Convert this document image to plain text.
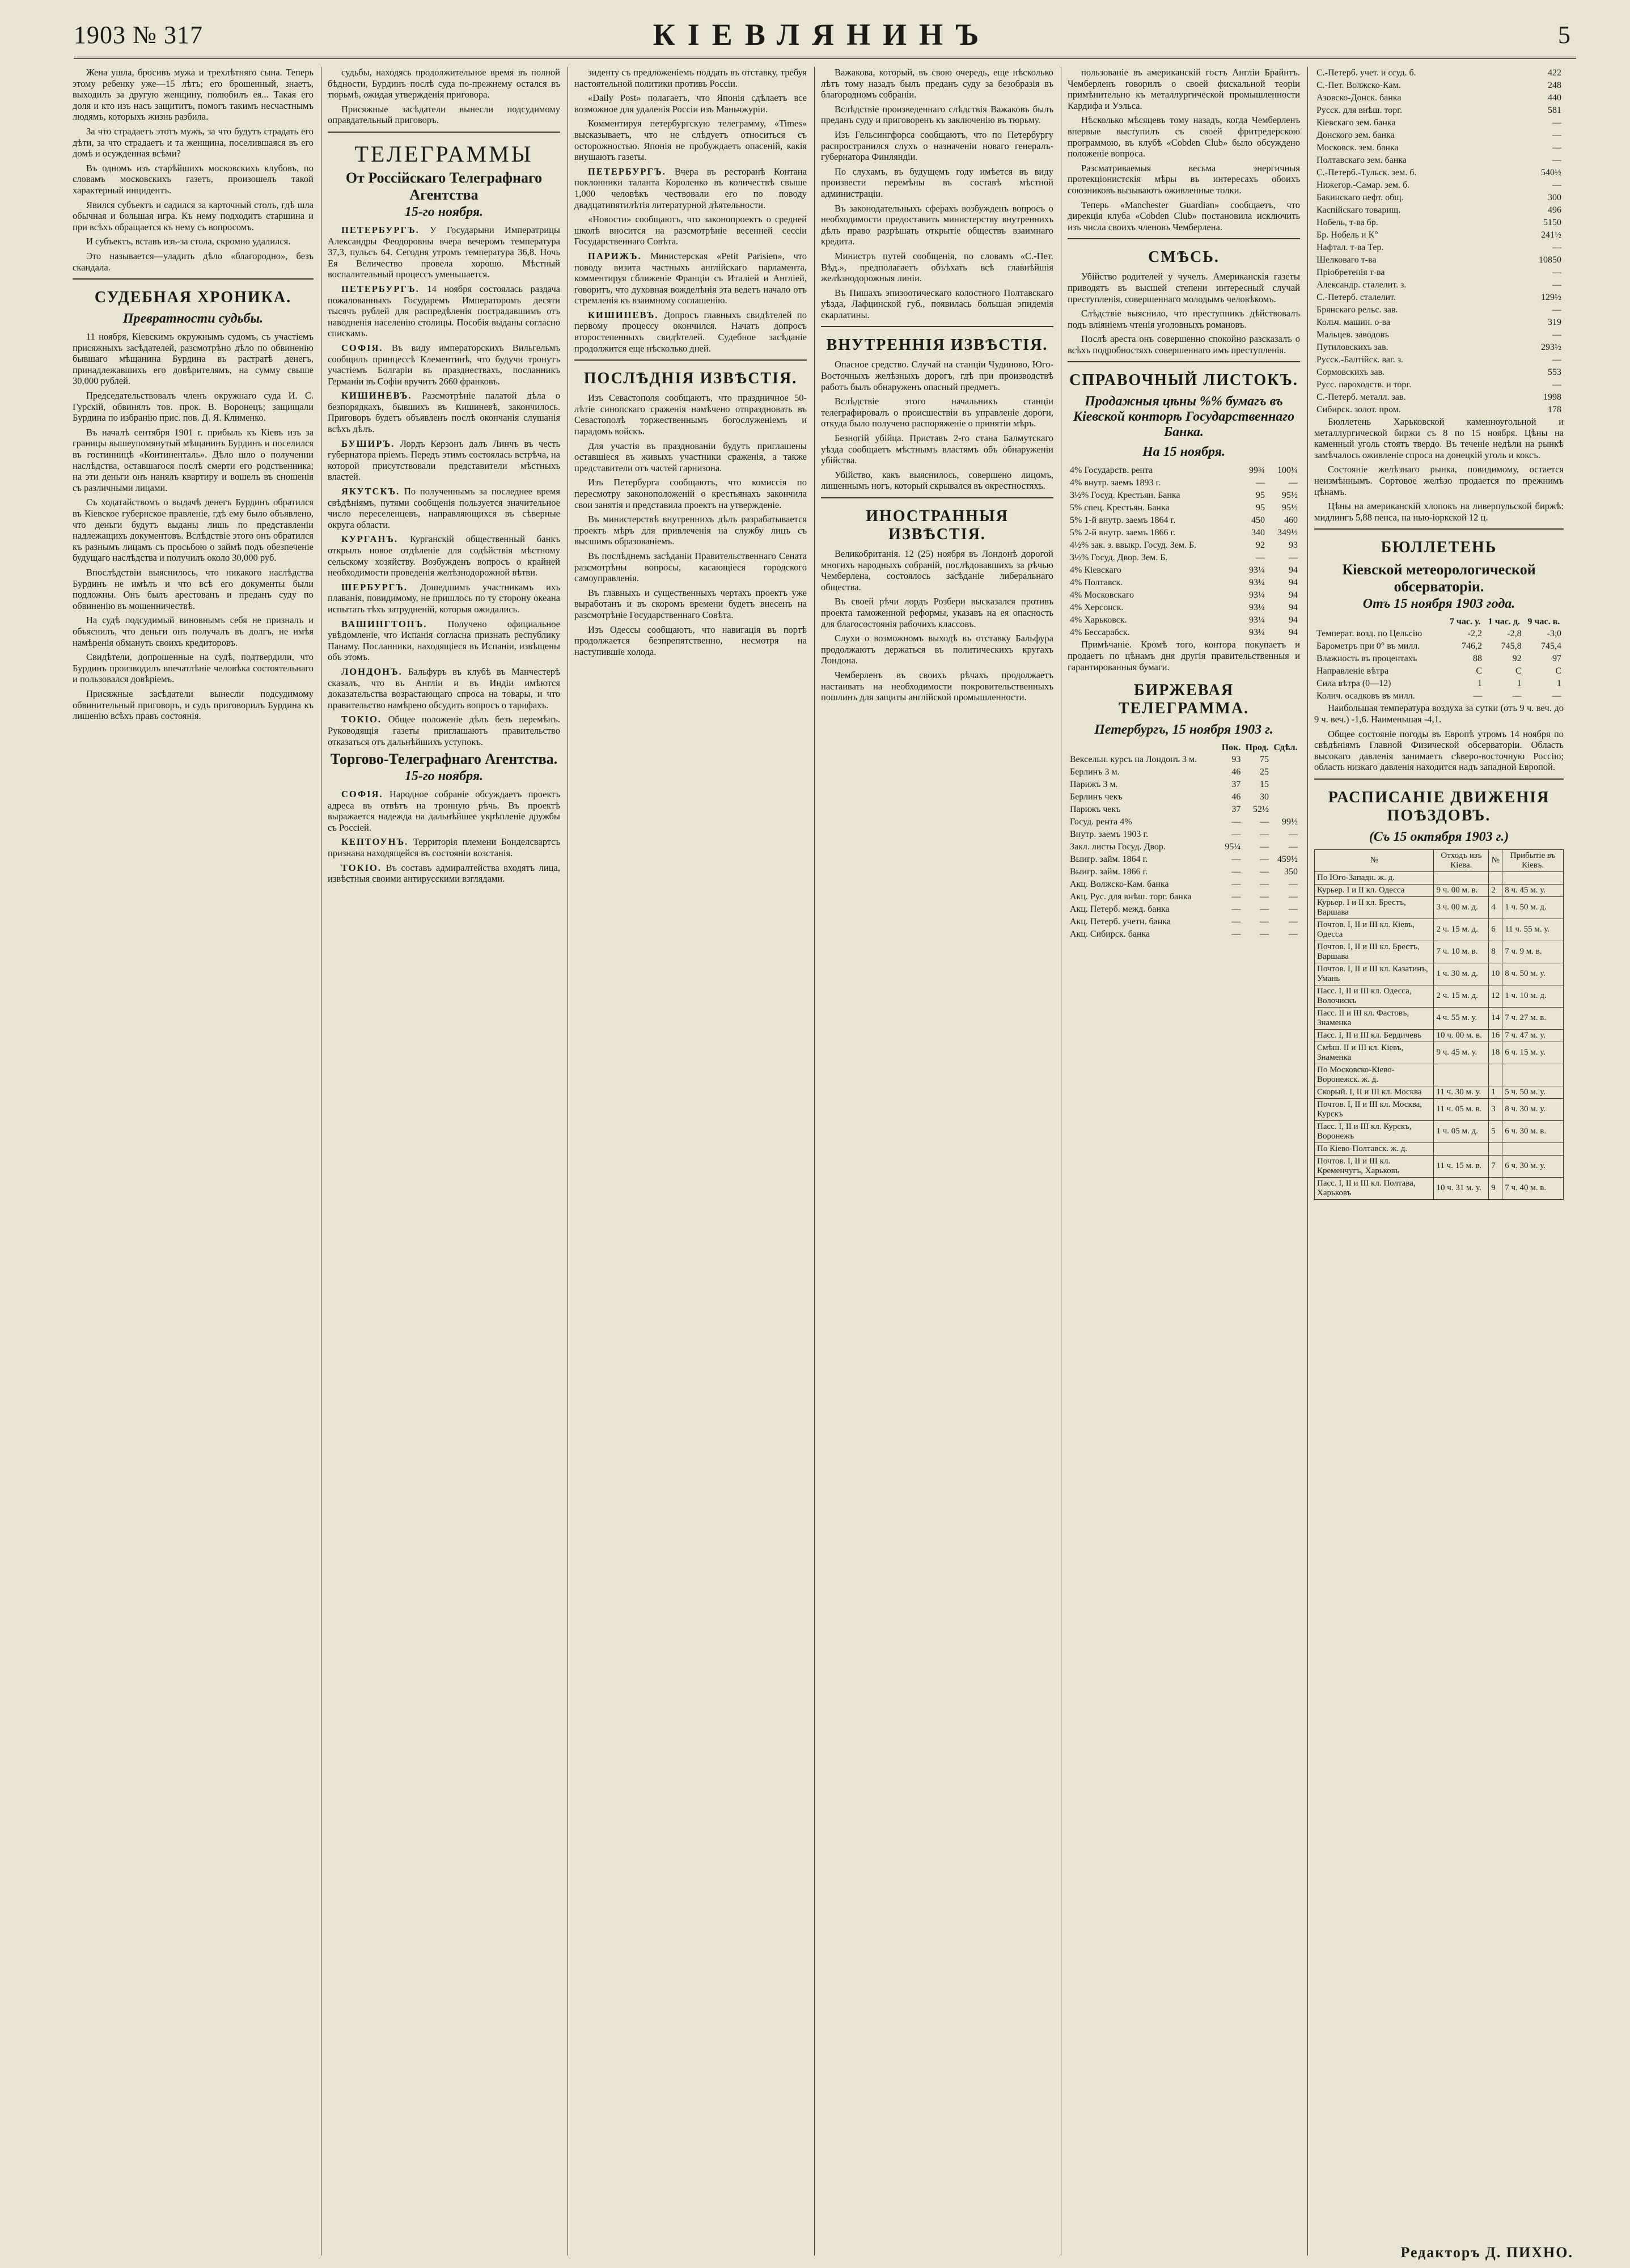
1903 № 317	КІЕВЛЯНИНЪ	5

Жена ушла, бросивъ мужа и трехлѣтняго сына. Теперь этому ребенку уже—15 лѣтъ; его брошенный, знаетъ, выходилъ за другую женщину, полюбилъ ея... Такая его доля и кто изъ насъ защититъ, помогъ такимъ несчастнымъ людямъ, которыхъ жизнь разбила.

За что страдаетъ этотъ мужъ, за что будутъ страдать его дѣти, за что страдаетъ и та женщина, поселившаяся въ его домѣ и осужденная всѣми?

Въ одномъ изъ старѣйшихъ московскихъ клубовъ, по словамъ московскихъ газетъ, произошелъ такой характерный инцидентъ.

Явился субъектъ и садился за карточный столъ, гдѣ шла обычная и большая игра. Къ нему подходитъ старшина и при всѣхъ обращается къ нему съ вопросомъ.

И субъектъ, вставъ изъ-за стола, скромно удалился.

Это называется—уладить дѣло «благородно», безъ скандала.

СУДЕБНАЯ ХРОНИКА.
Превратности судьбы.

11 ноября, Кіевскимъ окружнымъ судомъ, съ участіемъ присяжныхъ засѣдателей, разсмотрѣно дѣло по обвиненію бывшаго мѣщанина Бурдина въ растратѣ денегъ, принадлежавшихъ его довѣрителямъ, на сумму свыше 30,000 рублей.

Председательствовалъ членъ окружнаго суда И. С. Гурскій, обвинялъ тов. прок. В. Воронецъ; защищали Бурдина по избранію прис. пов. Д. Я. Клименко.

Въ началѣ сентября 1901 г. прибыль къ Кіевъ изъ за границы вышеупомянутый мѣщанинъ Бурдинъ и поселился въ гостинницѣ «Континенталь». Дѣло шло о получении наслѣдства, оставшагося послѣ смерти его родственника; на эти деньги онъ нанялъ квартиру и вошелъ въ сношенія съ различными лицами.

Съ ходатайствомъ о выдачѣ денегъ Бурдинъ обратился въ Кіевское губернское правленіе, гдѣ ему было объявлено, что деньги будутъ выданы лишь по представленіи надлежащихъ документовъ. Вслѣдствіе этого онъ обратился къ разнымъ лицамъ съ просьбою о займѣ подъ обезпеченіе будущаго наслѣдства и получилъ около 30,000 руб.

Впослѣдствіи выяснилось, что никакого наслѣдства Бурдинъ не имѣлъ и что всѣ его документы были подложны. Онъ былъ арестованъ и преданъ суду по обвиненію въ мошенничествѣ.

На судѣ подсудимый виновнымъ себя не призналъ и объяснилъ, что деньги онъ получалъ въ долгъ, не имѣя намѣренія обмануть своихъ кредиторовъ.

Свидѣтели, допрошенные на судѣ, подтвердили, что Бурдинъ производилъ впечатлѣніе человѣка состоятельнаго и пользовался довѣріемъ.

Присяжные засѣдатели вынесли подсудимому обвинительный приговоръ, и судъ приговорилъ Бурдина къ лишенію всѣхъ правъ состоянія.

судьбы, находясь продолжительное время въ полной бѣдности, Бурдинъ послѣ суда по-прежнему остался въ тюрьмѣ, ожидая утвержденія приговора.

Присяжные засѣдатели вынесли подсудимому оправдательный приговоръ.

ТЕЛЕГРАММЫ
От Россійскаго Телеграфнаго Агентства
15-го ноября.

ПЕТЕРБУРГЪ. У Государыни Императрицы Александры Феодоровны вчера вечеромъ температура 37,3, пульсъ 64. Сегодня утромъ температура 36,8. Ночь Ея Величество провела хорошо. Мѣстный воспалительный процессъ уменьшается.

ПЕТЕРБУРГЪ. 14 ноября состоялась раздача пожалованныхъ Государемъ Императоромъ десяти тысячъ рублей для распредѣленія пострадавшимъ отъ наводненія населенію столицы. Пособія выданы согласно спискамъ.

СОФІЯ. Въ виду императорскихъ Вильгельмъ сообщилъ принцессѣ Клементинѣ, что будучи тронутъ участіемъ Болгаріи въ празднествахъ, посланникъ Германіи въ Софіи вручитъ 2660 франковъ.

КИШИНЕВЪ. Разсмотрѣніе палатой дѣла о безпорядкахъ, бывшихъ въ Кишиневѣ, закончилось. Приговоръ будетъ объявленъ послѣ окончанія слушанія всѣхъ дѣлъ.

БУШИРЪ. Лордъ Керзонъ далъ Линчъ въ честь губернатора пріемъ. Передъ этимъ состоялась встрѣча, на которой присутствовали представители мѣстныхъ властей.

ЯКУТСКЪ. По полученнымъ за последнее время свѣдѣніямъ, путями сообщенія пользуется значительное число переселенцевъ, направляющихся въ сѣверные округа области.

КУРГАНЪ. Курганскій общественный банкъ открылъ новое отдѣленіе для содѣйствія мѣстному сельскому хозяйству. Возбужденъ вопросъ о крайней необходимости проведенія желѣзнодорожной вѣтви.

ШЕРБУРГЪ. Дошедшимъ участникамъ ихъ плаванія, повидимому, не пришлось по ту сторону океана испытать тѣхъ затрудненій, которыя ожидались.

ВАШИНГТОНЪ. Получено официальное увѣдомленіе, что Испанія согласна признать республику Панаму. Посланники, находящіеся въ Испаніи, извѣщены объ этомъ.

ЛОНДОНЪ. Бальфуръ въ клубѣ въ Манчестерѣ сказалъ, что въ Англіи и въ Индіи имѣются доказательства возрастающаго спроса на товары, и что правительство намѣрено обсудить вопросъ о тарифахъ.

ТОКІО. Общее положеніе дѣлъ безъ перемѣнъ. Руководящія газеты приглашаютъ правительство отказаться отъ дальнѣйшихъ уступокъ.

Торгово-Телеграфнаго Агентства.
15-го ноября.

СОФІЯ. Народное собраніе обсуждаетъ проектъ адреса въ отвѣтъ на тронную рѣчь. Въ проектѣ выражается надежда на дальнѣйшее укрѣпленіе дружбы съ Россіей.

КЕПТОУНЪ. Территорія племени Бонделсвартсъ признана находящейся въ состояніи возстанія.

ТОКІО. Въ составъ адмиралтейства входятъ лица, извѣстныя своими антирусскими взглядами.

зиденту съ предложеніемъ поддать въ отставку, требуя настоятельной политики противъ Россіи.

«Daily Post» полагаетъ, что Японія сдѣлаетъ все возможное для удаленія Россіи изъ Маньчжуріи.

Комментируя петербургскую телеграмму, «Times» высказываетъ, что не слѣдуетъ относиться съ осторожностью. Японія не пробуждаетъ опасеній, какія внушаютъ газеты.

ПЕТЕРБУРГЪ. Вчера въ ресторанѣ Контана поклонники таланта Короленко въ количествѣ свыше 1,000 человѣкъ чествовали его по поводу двадцатипятилѣтія литературной дѣятельности.

«Новости» сообщаютъ, что законопроектъ о средней школѣ вносится на разсмотрѣніе весенней сессіи Государственнаго Совѣта.

ПАРИЖЪ. Министерская «Petit Parisien», что поводу визита частныхъ англійскаго парламента, комментируя сближеніе Франціи съ Италіей и Англіей, говоритъ, что духовная вожделѣнія эта ведетъ начало отъ стремленія къ взаимному соглашенію.

КИШИНЕВЪ. Допросъ главныхъ свидѣтелей по первому процессу окончился. Начатъ допросъ второстепенныхъ свидѣтелей. Судебное засѣданіе продолжится еще нѣсколько дней.

ПОСЛѢДНІЯ ИЗВѢСТІЯ.

Изъ Севастополя сообщаютъ, что праздничное 50-лѣтіе синопскаго сраженія намѣчено отпраздновать въ Севастополѣ торжественнымъ богослуженіемъ и парадомъ войскъ.

Для участія въ празднованіи будутъ приглашены оставшіеся въ живыхъ участники сраженія, а также представители отъ частей гарнизона.

Изъ Петербурга сообщаютъ, что комиссія по пересмотру законоположеній о крестьянахъ закончила свои занятія и представила проектъ на утвержденіе.

Въ министерствѣ внутреннихъ дѣлъ разрабатывается проектъ мѣръ для привлеченія на службу лицъ съ высшимъ образованіемъ.

Въ послѣднемъ засѣданіи Правительственнаго Сената разсмотрѣны вопросы, касающіеся городского самоуправленія.

Въ главныхъ и существенныхъ чертахъ проектъ уже выработанъ и въ скоромъ времени будетъ внесенъ на разсмотрѣніе Государственнаго Совѣта.

Изъ Одессы сообщаютъ, что навигація въ портѣ продолжается безпрепятственно, несмотря на наступившіе холода.

Важакова, который, въ свою очередь, еще нѣсколько лѣтъ тому назадъ былъ преданъ суду за безобразія въ благородномъ собраніи.

Вслѣдствіе произведеннаго слѣдствія Важаковъ былъ преданъ суду и приговоренъ къ заключенію въ тюрьму.

Изъ Гельсингфорса сообщаютъ, что по Петербургу распространился слухъ о назначеніи новаго генералъ-губернатора Финляндіи.

По слухамъ, въ будущемъ году имѣется въ виду произвести перемѣны въ составѣ мѣстной администраціи.

Въ законодательныхъ сферахъ возбужденъ вопросъ о необходимости предоставить министерству внутреннихъ дѣлъ право разрѣшать открытіе обществъ взаимнаго кредита.

Министръ путей сообщенія, по словамъ «С.-Пет. Вѣд.», предполагаетъ объѣхать всѣ главнѣйшія желѣзнодорожныя линіи.

Въ Пишахъ эпизоотическаго колостного Полтавскаго уѣзда, Лафцинской губ., появилась большая эпидемія скарлатины.

ВНУТРЕННІЯ ИЗВѢСТІЯ.

Опасное средство. Случай на станціи Чудиново, Юго-Восточныхъ желѣзныхъ дорогъ, гдѣ при производствѣ работъ былъ обнаруженъ опасный предметъ.

Вслѣдствіе этого начальникъ станціи телеграфировалъ о происшествіи въ управленіе дороги, откуда было получено распоряженіе о принятіи мѣръ.

Безногій убійца. Приставъ 2-го стана Балмутскаго уѣзда сообщаетъ мѣстнымъ властямъ объ обнаруженіи убійства.

Убійство, какъ выяснилось, совершено лицомъ, лишеннымъ ногъ, который скрывался въ окрестностяхъ.

ИНОСТРАННЫЯ ИЗВѢСТІЯ.

Великобританія. 12 (25) ноября въ Лондонѣ дорогой многихъ народныхъ собраній, послѣдовавшихъ за рѣчью Чемберлена, состоялось засѣданіе либеральнаго общества.

Въ своей рѣчи лордъ Розбери высказался противъ проекта таможенной реформы, указавъ на ея опасность для благосостоянія рабочихъ классовъ.

Слухи о возможномъ выходѣ въ отставку Бальфура продолжаютъ держаться въ политическихъ кругахъ Лондона.

Чемберленъ въ своихъ рѣчахъ продолжаетъ настаивать на необходимости покровительственныхъ пошлинъ для защиты англійской промышленности.

пользованіе въ американскій гостъ Англіи Брайнтъ. Чемберленъ говорилъ о своей фискальной теоріи примѣнительно къ металлургической промышленности Кардифа и Уэльса.

Нѣсколько мѣсяцевъ тому назадъ, когда Чемберленъ впервые выступилъ съ своей фритредерскою программою, въ клубѣ «Cobden Club» было обсуждено положеніе вопроса.

Разсматриваемыя весьма энергичныя протекціонистскія мѣры въ интересахъ обоихъ союзниковъ вызываютъ оживленные толки.

Теперь «Manchester Guardian» сообщаетъ, что дирекція клуба «Cobden Club» постановила исключить изъ числа своихъ членовъ Чемберлена.

СМѢСЬ.

Убійство родителей у чучелъ. Американскія газеты приводятъ въ высшей степени интересный случай преступленія, совершеннаго молодымъ человѣкомъ.

Слѣдствіе выяснило, что преступникъ дѣйствовалъ подъ вліяніемъ чтенія уголовныхъ романовъ.

Послѣ ареста онъ совершенно спокойно разсказалъ о всѣхъ подробностяхъ совершеннаго имъ преступленія.

СПРАВОЧНЫЙ ЛИСТОКЪ.
Продажныя цѣны %% бумагъ въ Кіевской конторѣ Государственнаго Банка.
На 15 ноября.
4% Государств. рента	99¾	100¼
4% внутр. заемъ 1893 г.	—	—
3½% Госуд. Крестьян. Банка	95	95½
5% спец. Крестьян. Банка	95	95½
5% 1-й внутр. заемъ 1864 г.	450	460
5% 2-й внутр. заемъ 1866 г.	340	349½
4½% зак. з. ввыкр. Госуд. Зем. Б.	92	93
3½% Госуд. Двор. Зем. Б.	—	—
4% Кіевскаго	93¼	94
4% Полтавск.	93¼	94
4% Московскаго	93¼	94
4% Херсонск.	93¼	94
4% Харьковск.	93¼	94
4% Бессарабск.	93¼	94

Примѣчаніе. Кромѣ того, контора покупаетъ и продаетъ по цѣнамъ дня другія правительственныя и гарантированныя бумаги.

БИРЖЕВАЯ ТЕЛЕГРАММА.
Петербургъ, 15 ноября 1903 г.
	Пок.	Прод.	Сдѣл.
Вексельн. курсъ на Лондонъ 3 м.	93	75	
Берлинъ 3 м.	46	25	
Парижъ 3 м.	37	15	
Берлинъ чекъ	46	30	
Парижъ чекъ	37	52½	
Госуд. рента 4%	—	—	99½
Внутр. заемъ 1903 г.	—	—	—
Закл. листы Госуд. Двор.	95¼	—	—
Выигр. займ. 1864 г.	—	—	459½
Выигр. займ. 1866 г.	—	—	350
Акц. Волжско-Кам. банка	—	—	—
Акц. Рус. для внѣш. торг. банка	—	—	—
Акц. Петерб. межд. банка	—	—	—
Акц. Петерб. учетн. банка	—	—	—
Акц. Сибирск. банка	—	—	—
С.-Петерб. учет. и ссуд. б.	422
С.-Пет. Волжско-Кам.	248
Азовско-Донск. банка	440
Русск. для внѣш. торг.	581
Кіевскаго зем. банка	—
Донского зем. банка	—
Московск. зем. банка	—
Полтавскаго зем. банка	—
С.-Петерб.-Тульск. зем. б.	540½
Нижегор.-Самар. зем. б.	—
Бакинскаго нефт. общ.	300
Каспійскаго товарищ.	496
Нобель, т-ва бр.	5150
Бр. Нобель и К°	241½
Нафтал. т-ва Тер.	—
Шелковаго т-ва	10850
Пріобретенія т-ва	—
Александр. сталелит. з.	—
С.-Петерб. сталелит.	129½
Брянскаго рельс. зав.	—
Кольч. машин. о-ва	319
Мальцев. заводовъ	—
Путиловскихъ зав.	293½
Русск.-Балтійск. ваг. з.	—
Сормовскихъ зав.	553
Русс. пароходств. и торг.	—
С.-Петерб. металл. зав.	1998
Сибирск. золот. пром.	178

Бюллетень Харьковской каменноугольной и металлургической биржи съ 8 по 15 ноября. Цѣны на каменный уголь стоятъ твердо. Въ теченіе недѣли на рынкѣ замѣчалось оживленіе спроса на донецкій уголь и коксъ.

Состояніе желѣзнаго рынка, повидимому, остается неизмѣннымъ. Сортовое желѣзо продается по прежнимъ цѣнамъ.

Цѣны на американскій хлопокъ на ливерпульской биржѣ: мидлингъ 5,88 пенса, на нью-іоркской 12 ц.

БЮЛЛЕТЕНЬ
Кіевской метеорологической обсерваторіи.
Отъ 15 ноября 1903 года.
	7 час. у.	1 час. д.	9 час. в.
Температ. возд. по Цельсію	-2,2	-2,8	-3,0
Барометръ при 0° въ милл.	746,2	745,8	745,4
Влажность въ процентахъ	88	92	97
Направленіе вѣтра	С	С	С
Сила вѣтра (0—12)	1	1	1
Колич. осадковъ въ милл.	—	—	—

Наибольшая температура воздуха за сутки (отъ 9 ч. веч. до 9 ч. веч.) -1,6. Наименьшая -4,1.

Общее состояніе погоды въ Европѣ утромъ 14 ноября по свѣдѣніямъ Главной Физической обсерваторіи. Область высокаго давленія занимаетъ сѣверо-восточную Россію; область низкаго давленія находится надъ западной Европой.

РАСПИСАНІЕ ДВИЖЕНІЯ ПОѢЗДОВЪ.
(Съ 15 октября 1903 г.)
№	Отходъ изъ Кіева.	№	Прибытіе въ Кіевъ.
По Юго-Западн. ж. д.			
Курьер. I и II кл. Одесса	9 ч. 00 м. в.	2	8 ч. 45 м. у.
Курьер. I и II кл. Брестъ, Варшава	3 ч. 00 м. д.	4	1 ч. 50 м. д.
Почтов. I, II и III кл. Кіевъ, Одесса	2 ч. 15 м. д.	6	11 ч. 55 м. у.
Почтов. I, II и III кл. Брестъ, Варшава	7 ч. 10 м. в.	8	7 ч. 9 м. в.
Почтов. I, II и III кл. Казатинъ, Умань	1 ч. 30 м. д.	10	8 ч. 50 м. у.
Пасс. I, II и III кл. Одесса, Волочискъ	2 ч. 15 м. д.	12	1 ч. 10 м. д.
Пасс. II и III кл. Фастовъ, Знаменка	4 ч. 55 м. у.	14	7 ч. 27 м. в.
Пасс. I, II и III кл. Бердичевъ	10 ч. 00 м. в.	16	7 ч. 47 м. у.
Смѣш. II и III кл. Кіевъ, Знаменка	9 ч. 45 м. у.	18	6 ч. 15 м. у.
По Московско-Кіево-Воронежск. ж. д.			
Скорый. I, II и III кл. Москва	11 ч. 30 м. у.	1	5 ч. 50 м. у.
Почтов. I, II и III кл. Москва, Курскъ	11 ч. 05 м. в.	3	8 ч. 30 м. у.
Пасс. I, II и III кл. Курскъ, Воронежъ	1 ч. 05 м. д.	5	6 ч. 30 м. в.
По Кіево-Полтавск. ж. д.			
Почтов. I, II и III кл. Кременчугъ, Харьковъ	11 ч. 15 м. в.	7	6 ч. 30 м. у.
Пасс. I, II и III кл. Полтава, Харьковъ	10 ч. 31 м. у.	9	7 ч. 40 м. в.
Редакторъ Д. ПИХНО.
